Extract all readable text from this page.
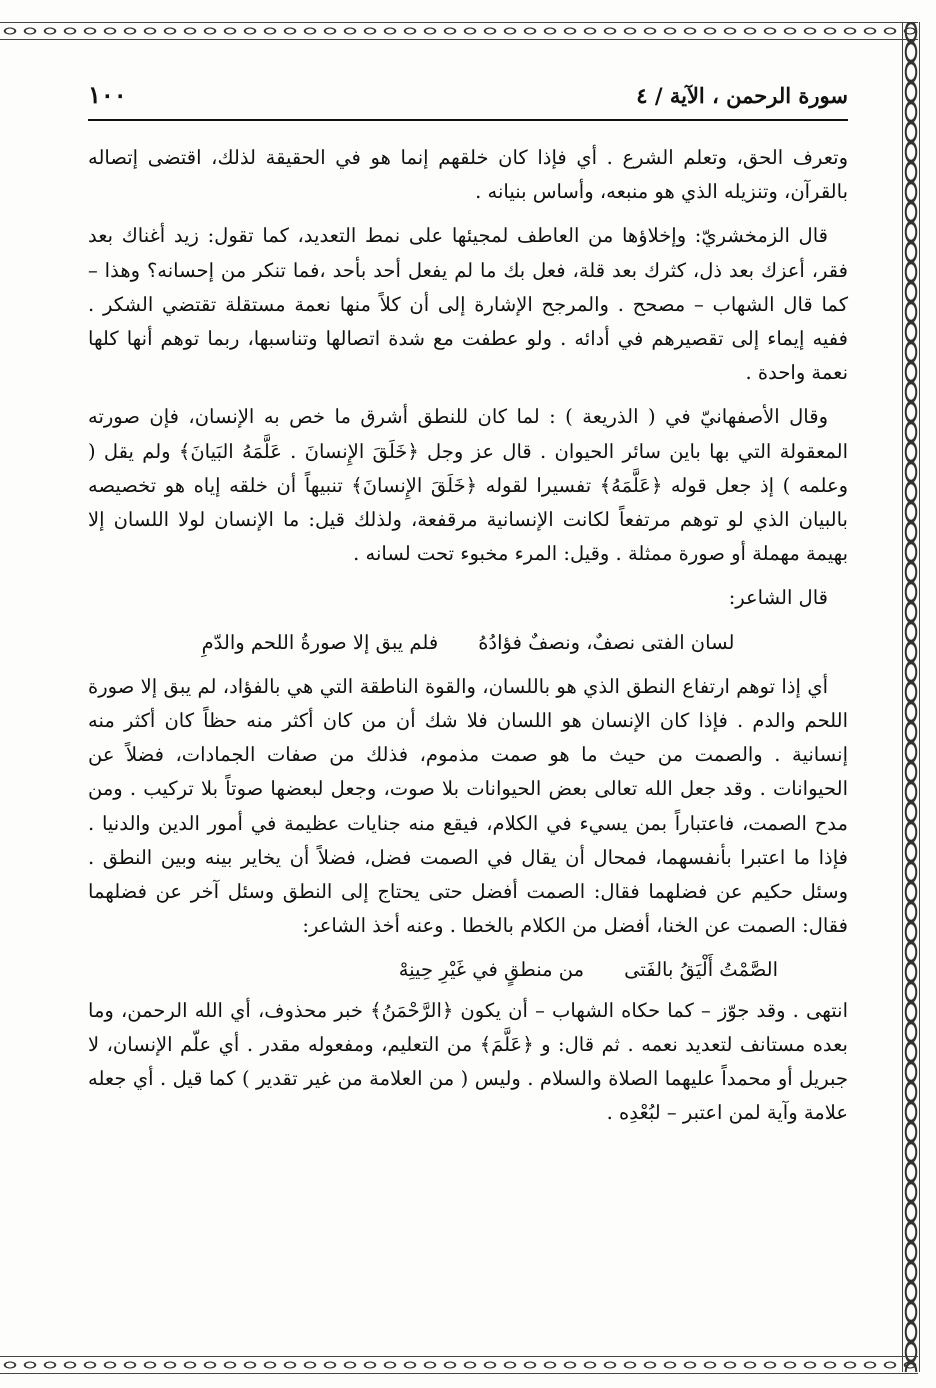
سورة الرحمن ، الآية / ٤
١٠٠

وتعرف الحق، وتعلم الشرع . أي فإذا كان خلقهم إنما هو في الحقيقة لذلك، اقتضى إتصاله بالقرآن، وتنزيله الذي هو منبعه، وأساس بنيانه .

قال الزمخشريّ: وإخلاؤها من العاطف لمجيئها على نمط التعديد، كما تقول: زيد أغناك بعد فقر، أعزك بعد ذل، كثرك بعد قلة، فعل بك ما لم يفعل أحد بأحد ،فما تنكر من إحسانه؟ وهذا – كما قال الشهاب – مصحح . والمرجح الإشارة إلى أن كلاً منها نعمة مستقلة تقتضي الشكر . ففيه إيماء إلى تقصيرهم في أدائه . ولو عطفت مع شدة اتصالها وتناسبها، ربما توهم أنها كلها نعمة واحدة .

وقال الأصفهانيّ في ( الذريعة ) : لما كان للنطق أشرق ما خص به الإنسان، فإن صورته المعقولة التي بها باين سائر الحيوان . قال عز وجل ﴿خَلَقَ الإِنسانَ . عَلَّمَهُ البَيانَ﴾ ولم يقل ( وعلمه ) إذ جعل قوله ﴿عَلَّمَهُ﴾ تفسيرا لقوله ﴿خَلَقَ الإِنسانَ﴾ تنبيهاً أن خلقه إياه هو تخصيصه بالبيان الذي لو توهم مرتفعاً لكانت الإنسانية مرقفعة، ولذلك قيل: ما الإنسان لولا اللسان إلا بهيمة مهملة أو صورة ممثلة . وقيل: المرء مخبوء تحت لسانه .

قال الشاعر:
لسان الفتى نصفٌ، ونصفٌ فؤادُهُ
فلم يبق إلا صورةُ اللحم والدّمِ

أي إذا توهم ارتفاع النطق الذي هو باللسان، والقوة الناطقة التي هي بالفؤاد، لم يبق إلا صورة اللحم والدم . فإذا كان الإنسان هو اللسان فلا شك أن من كان أكثر منه حظاً كان أكثر منه إنسانية . والصمت من حيث ما هو صمت مذموم، فذلك من صفات الجمادات، فضلاً عن الحيوانات . وقد جعل الله تعالى بعض الحيوانات بلا صوت، وجعل لبعضها صوتاً بلا تركيب . ومن مدح الصمت، فاعتباراً بمن يسيء في الكلام، فيقع منه جنايات عظيمة في أمور الدين والدنيا . فإذا ما اعتبرا بأنفسهما، فمحال أن يقال في الصمت فضل، فضلاً أن يخاير بينه وبين النطق . وسئل حكيم عن فضلهما فقال: الصمت أفضل حتى يحتاج إلى النطق وسئل آخر عن فضلهما فقال: الصمت عن الخنا، أفضل من الكلام بالخطا . وعنه أخذ الشاعر:

الصَّمْتُ أَلْيَقُ بالفَتى
من منطقٍ في غَيْرِ حِينِهْ

انتهى . وقد جوّز – كما حكاه الشهاب – أن يكون ﴿الرَّحْمَنُ﴾ خبر محذوف، أي الله الرحمن، وما بعده مستانف لتعديد نعمه . ثم قال: و ﴿عَلَّمَ﴾ من التعليم، ومفعوله مقدر . أي علّم الإنسان، لا جبريل أو محمداً عليهما الصلاة والسلام . وليس ( من العلامة من غير تقدير ) كما قيل . أي جعله علامة وآية لمن اعتبر – لبُعْدِه .
